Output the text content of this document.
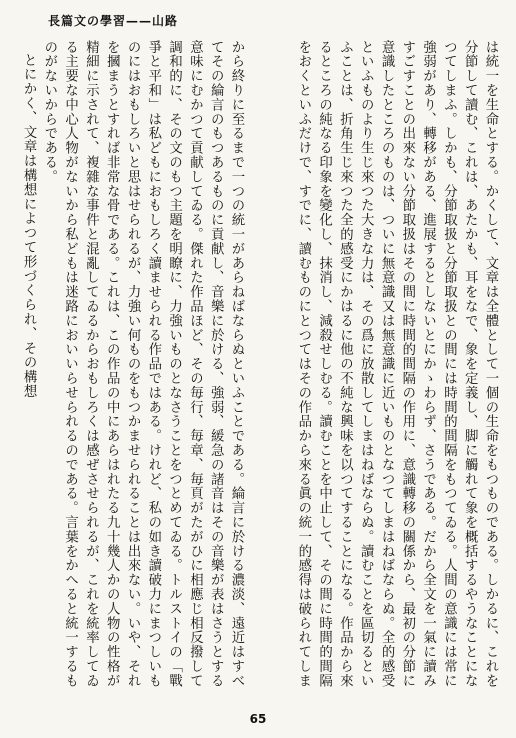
長篇文の學習——山路

は統一を生命とする。かくして、文章は全體として一個の生命をもつものである。しかるに、これを分節して讀む、これは、あたかも、耳をなで、象を定義し、脚に觸れて象を概括するやうなことになつてしまふ。しかも、分節取扱と分節取扱との間には時間的間隔をもつてゐる。人間の意識には常に強弱があり、轉移がある、進展するとしないとにかゝわらず、さうである。だから全文を一氣に讀みすごすことの出來ない分節取扱はその間に時間的間隔の作用に、意識轉移の關係から、最初の分節に意識したところのものは、ついに無意識又は無意識に近いものとなつてしまはねばならぬ。全的感受といふものより生じ來つた大きな力は、その爲に放散してしまはねばならぬ。讀むことを區切るといふことは、折角生じ來つた全的感受にかはるに他の不純な興味を以つてすることになる。作品から來るところの純なる印象を變化し、抹消し、減殺せしむる。讀むことを中止して、その間に時間的間隔をおくといふだけで、すでに、讀むものにとつてはその作品から來る眞の統一的感得は破られてしま

から終りに至るまで一つの統一があらねばならぬといふことである。綸言に於ける濃淡、遠近はすべてその綸言のもつあるものに貢献し、音樂に於ける、強弱、緩急の諸音はその音樂が表はさうとする意味にむかつて貢献してゐる。傑れた作品ほど、その毎行、毎章、毎頁がたがひに相應じ相反撥して調和的に、その文のもつ主題を明瞭に、力強いものとなさうことをつとめてゐる。トルストイの「戰爭と平和」は私どもにおもしろく讀ませられる作品ではある。けれど、私の如き讀破力にまつしいものにはおもしろいと思はせられるが、力強い何ものをもつかませられることは出來ない。いや、それを摑まうとすれば非常な骨である。これは、この作品の中にあらはれたる九十幾人かの人物の性格が精細に示されて、複雜な事件と混亂してゐるからおもしろくは感ぜさせられるが、これを統率してゐる主要な中心人物がないから私どもは迷路においいらせられるのである。言葉をかへると統一するものがないからである。

とにかく、文章は構想によつて形づくられ、その構想

65
